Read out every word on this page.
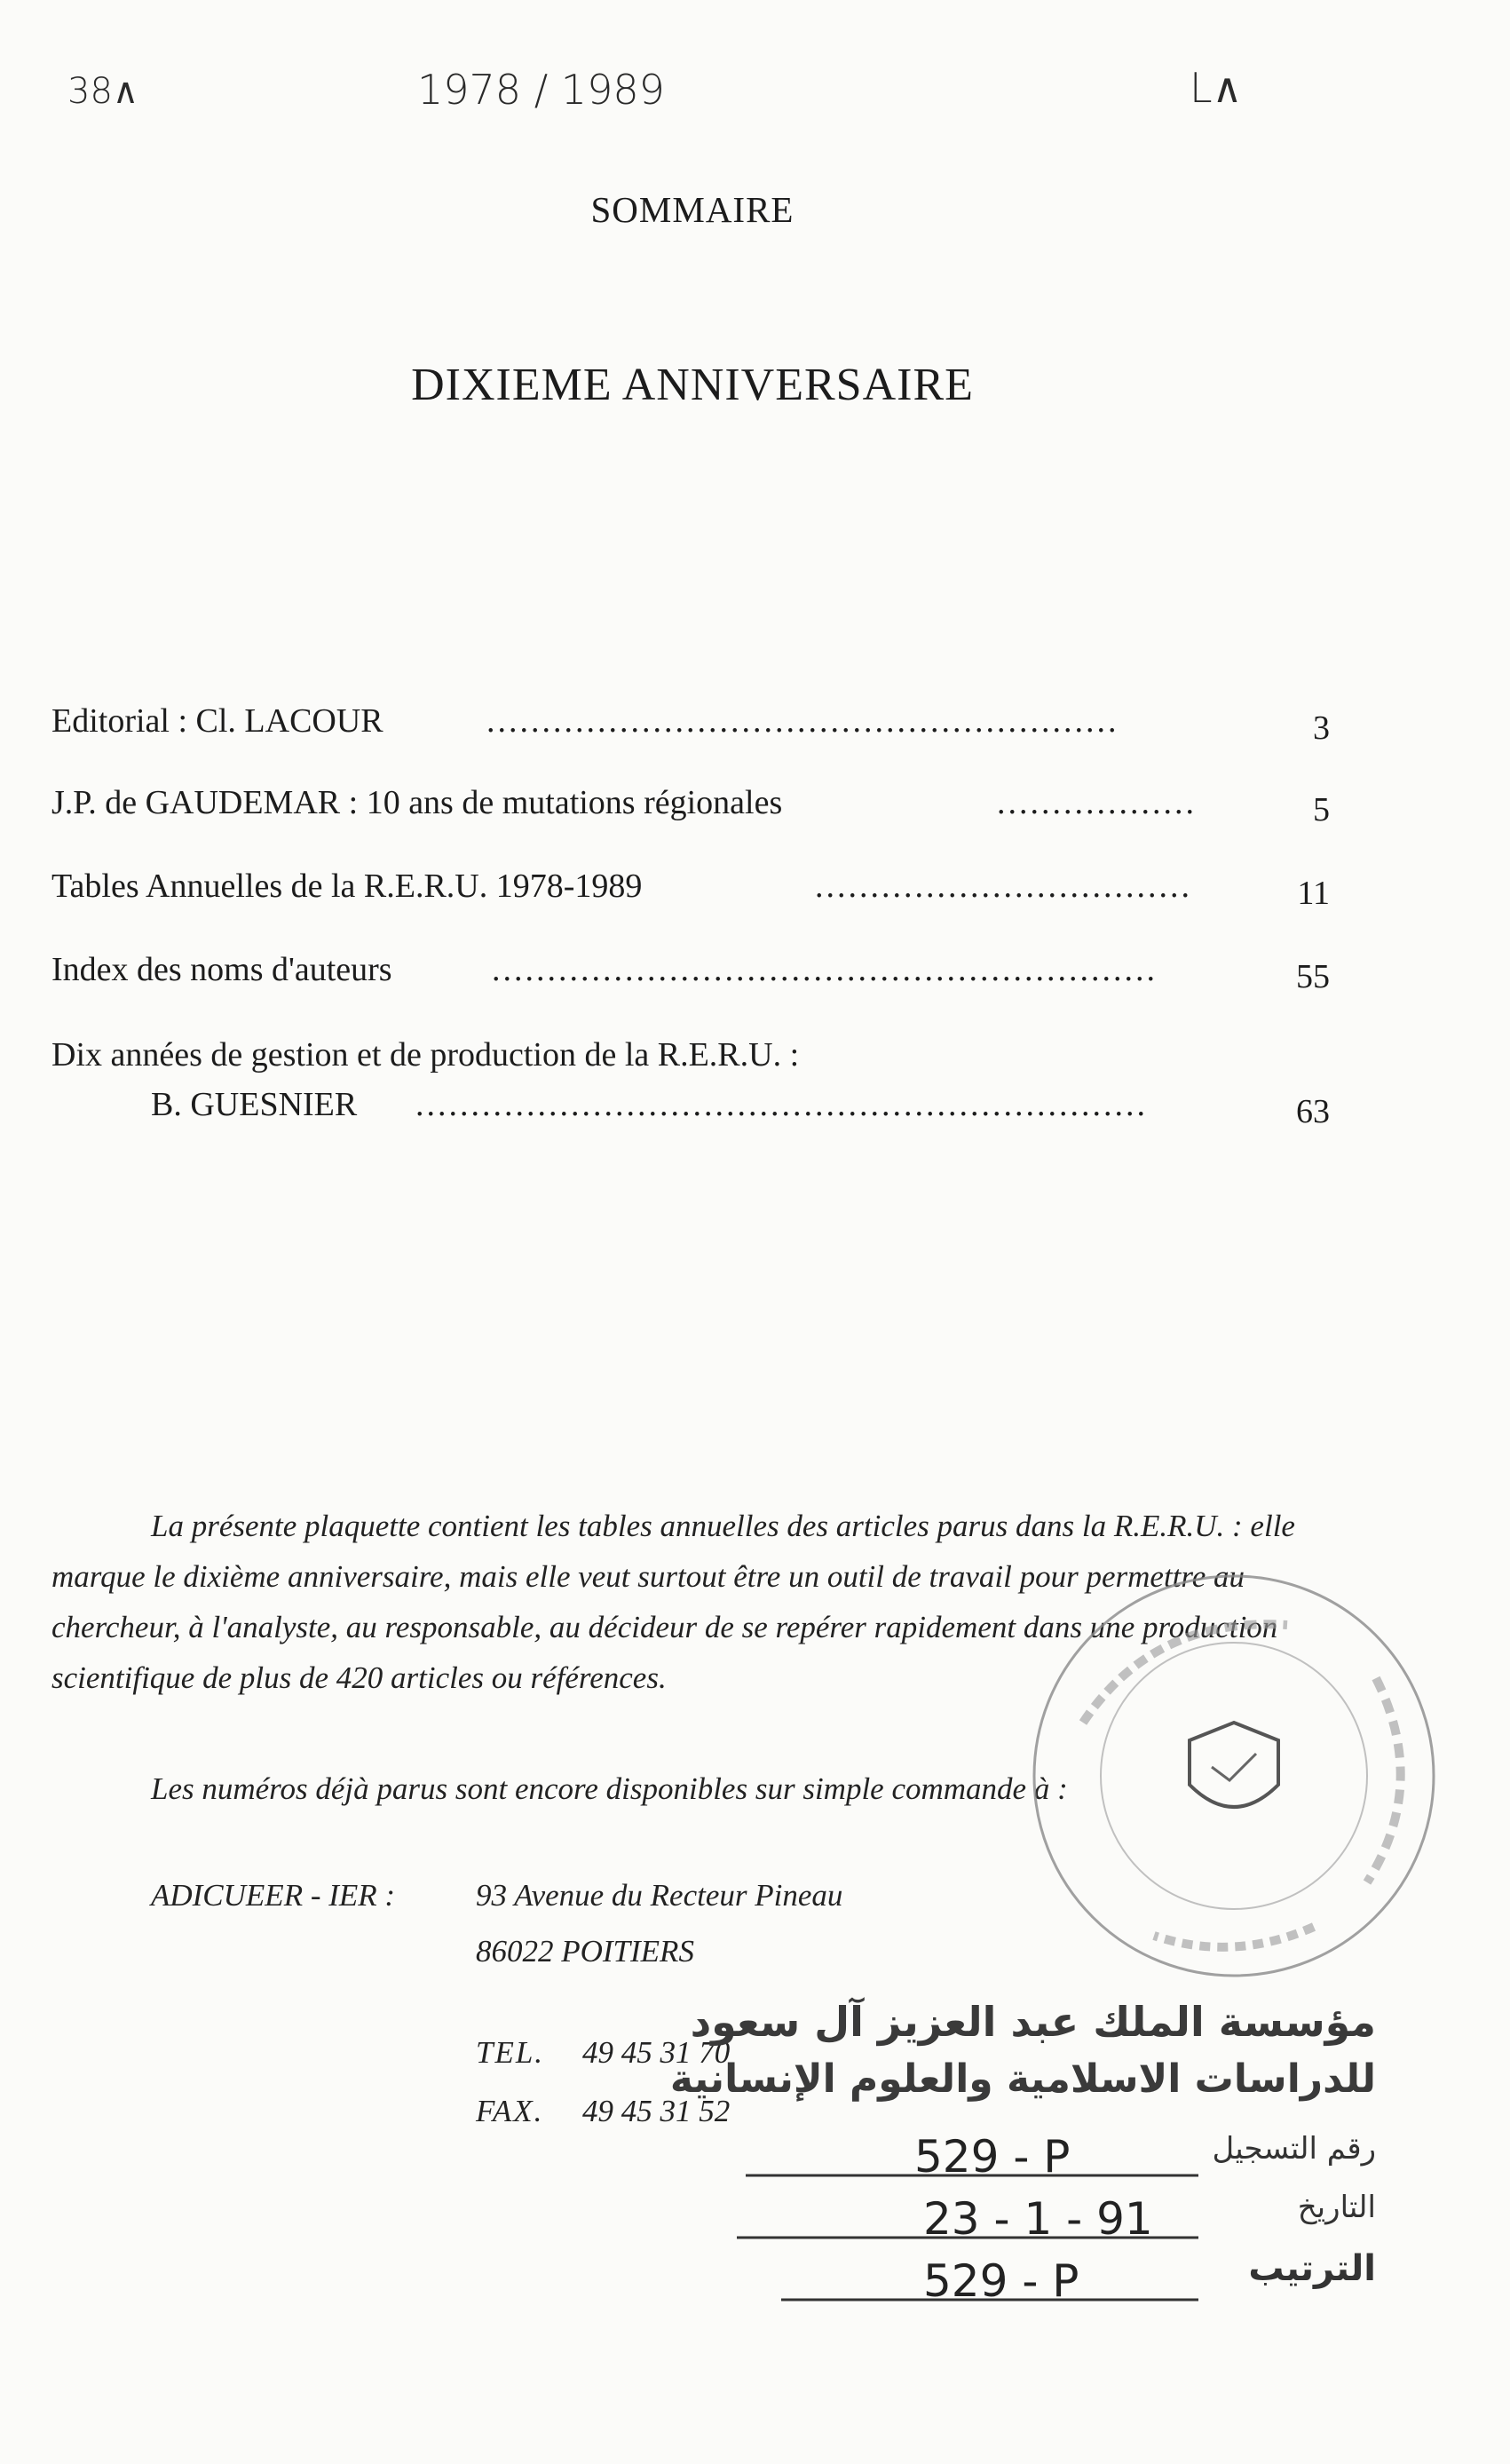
38∧	1978 / 1989	L∧
SOMMAIRE
DIXIEME ANNIVERSAIRE
Editorial : Cl. LACOUR	.........................................................	3
J.P. de GAUDEMAR : 10 ans de mutations régionales	..................	5
Tables Annuelles de la R.E.R.U. 1978-1989	..................................	11
Index des noms d'auteurs	............................................................	55
Dix années de gestion et de production de la R.E.R.U. :
B. GUESNIER ..................................................................	63
La présente plaquette contient les tables annuelles des articles parus dans la R.E.R.U. : elle marque le dixième anniversaire, mais elle veut surtout être un outil de travail pour permettre au chercheur, à l'analyste, au responsable, au décideur de se repérer rapidement dans une production scientifique de plus de 420 articles ou références.
Les numéros déjà parus sont encore disponibles sur simple commande à :
ADICUEER - IER :	93 Avenue du Recteur Pineau
86022 POITIERS
TEL. 49 45 31 70
FAX. 49 45 31 52
مؤسسة الملك عبد العزيز آل سعود
للدراسات الاسلامية والعلوم الإنسانية
رقم التسجيل
529 - P
التاريخ
23 - 1 - 91
الترتيب
529 - P
